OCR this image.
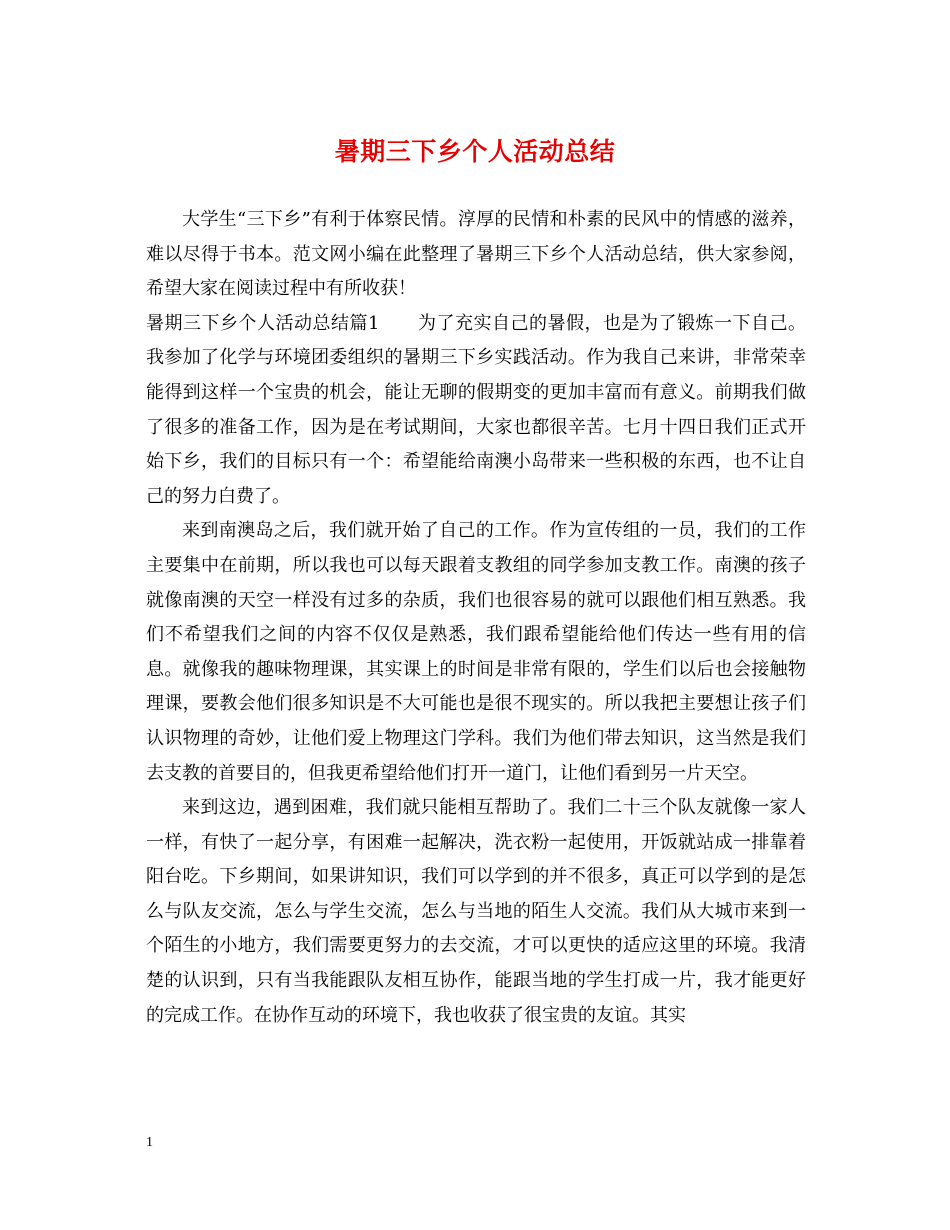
暑期三下乡个人活动总结

大学生“三下乡”有利于体察民情。淳厚的民情和朴素的民风中的情感的滋养，难以尽得于书本。范文网小编在此整理了暑期三下乡个人活动总结，供大家参阅，希望大家在阅读过程中有所收获！

暑期三下乡个人活动总结篇1 为了充实自己的暑假，也是为了锻炼一下自己。我参加了化学与环境团委组织的暑期三下乡实践活动。作为我自己来讲，非常荣幸能得到这样一个宝贵的机会，能让无聊的假期变的更加丰富而有意义。前期我们做了很多的准备工作，因为是在考试期间，大家也都很辛苦。七月十四日我们正式开始下乡，我们的目标只有一个：希望能给南澳小岛带来一些积极的东西，也不让自己的努力白费了。

来到南澳岛之后，我们就开始了自己的工作。作为宣传组的一员，我们的工作主要集中在前期，所以我也可以每天跟着支教组的同学参加支教工作。南澳的孩子就像南澳的天空一样没有过多的杂质，我们也很容易的就可以跟他们相互熟悉。我们不希望我们之间的内容不仅仅是熟悉，我们跟希望能给他们传达一些有用的信息。就像我的趣味物理课，其实课上的时间是非常有限的，学生们以后也会接触物理课，要教会他们很多知识是不大可能也是很不现实的。所以我把主要想让孩子们认识物理的奇妙，让他们爱上物理这门学科。我们为他们带去知识，这当然是我们去支教的首要目的，但我更希望给他们打开一道门，让他们看到另一片天空。

来到这边，遇到困难，我们就只能相互帮助了。我们二十三个队友就像一家人一样，有快了一起分享，有困难一起解决，洗衣粉一起使用，开饭就站成一排靠着阳台吃。下乡期间，如果讲知识，我们可以学到的并不很多，真正可以学到的是怎么与队友交流，怎么与学生交流，怎么与当地的陌生人交流。我们从大城市来到一个陌生的小地方，我们需要更努力的去交流，才可以更快的适应这里的环境。我清楚的认识到，只有当我能跟队友相互协作，能跟当地的学生打成一片，我才能更好的完成工作。在协作互动的环境下，我也收获了很宝贵的友谊。其实

1
